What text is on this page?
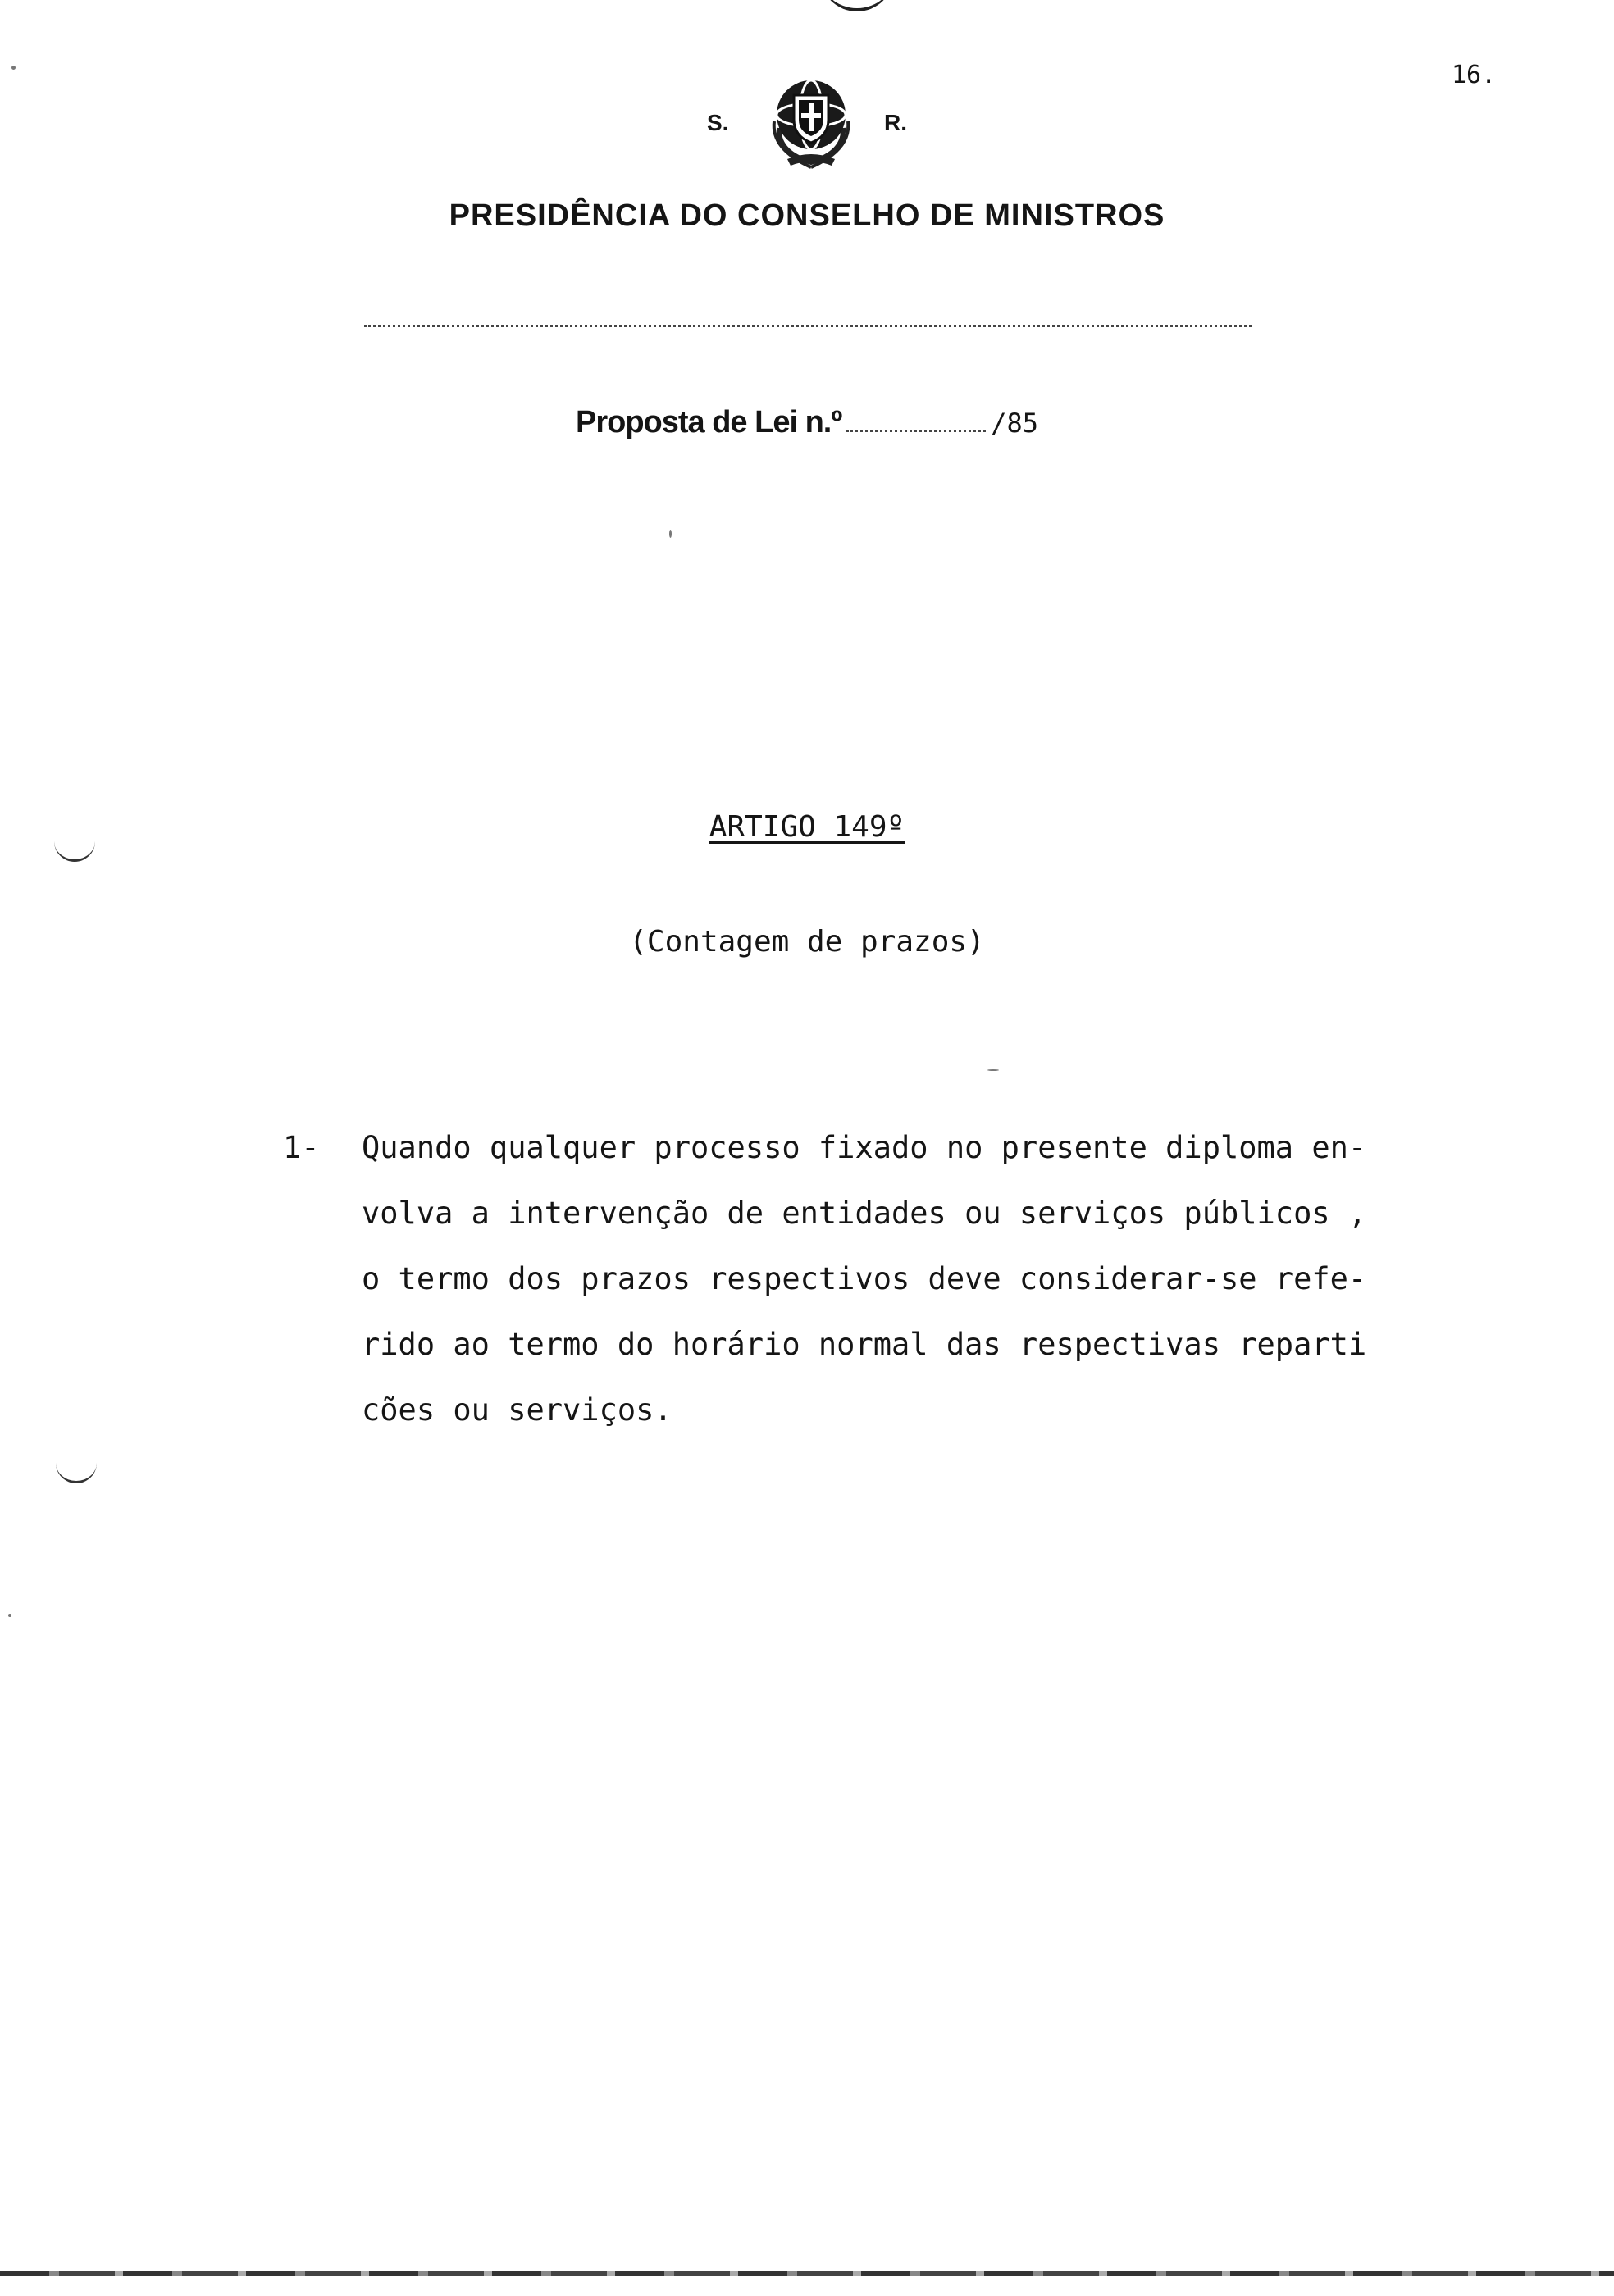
16.
S.	R.
PRESIDÊNCIA DO CONSELHO DE MINISTROS
Proposta de Lei n.º	/85
ARTIGO 149º
(Contagem de prazos)
1- Quando qualquer processo fixado no presente diploma en-
volva a intervenção de entidades ou serviços públicos ,
o termo dos prazos respectivos deve considerar-se refe-
rido ao termo do horário normal das respectivas reparti
cões ou serviços.
